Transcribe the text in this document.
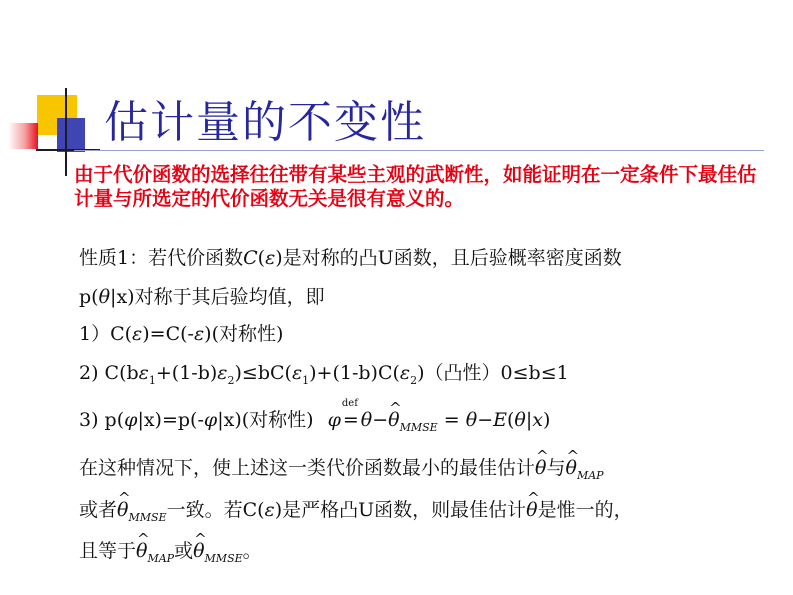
估计量的不变性

由于代价函数的选择往往带有某些主观的武断性，如能证明在一定条件下最佳估计量与所选定的代价函数无关是很有意义的。

性质1：若代价函数C(ε)是对称的凸U函数，且后验概率密度函数
p(θ|x)对称于其后验均值，即
1）C(ε)=C(-ε)(对称性)
2) $C(b\varepsilon_1+(1-b)\varepsilon_2)\le bC(\varepsilon_1)+(1-b)C(\varepsilon_2)$（凸性）0≤b≤1
3) p(φ|x)=p(-φ|x)(对称性) φ
def
= θ−^ $\theta_{MMSE} = \theta-E(\theta|x)$
在这种情况下，使上述这一类代价函数最小的最佳估计^ θ与^ $\theta_{MAP}$
或者^ $\theta_{MMSE}$一致。若C(ε)是严格凸U函数，则最佳估计^ θ是惟一的，
且等于^ $\theta_{MAP}$或^ $\theta_{MMSE}$。
